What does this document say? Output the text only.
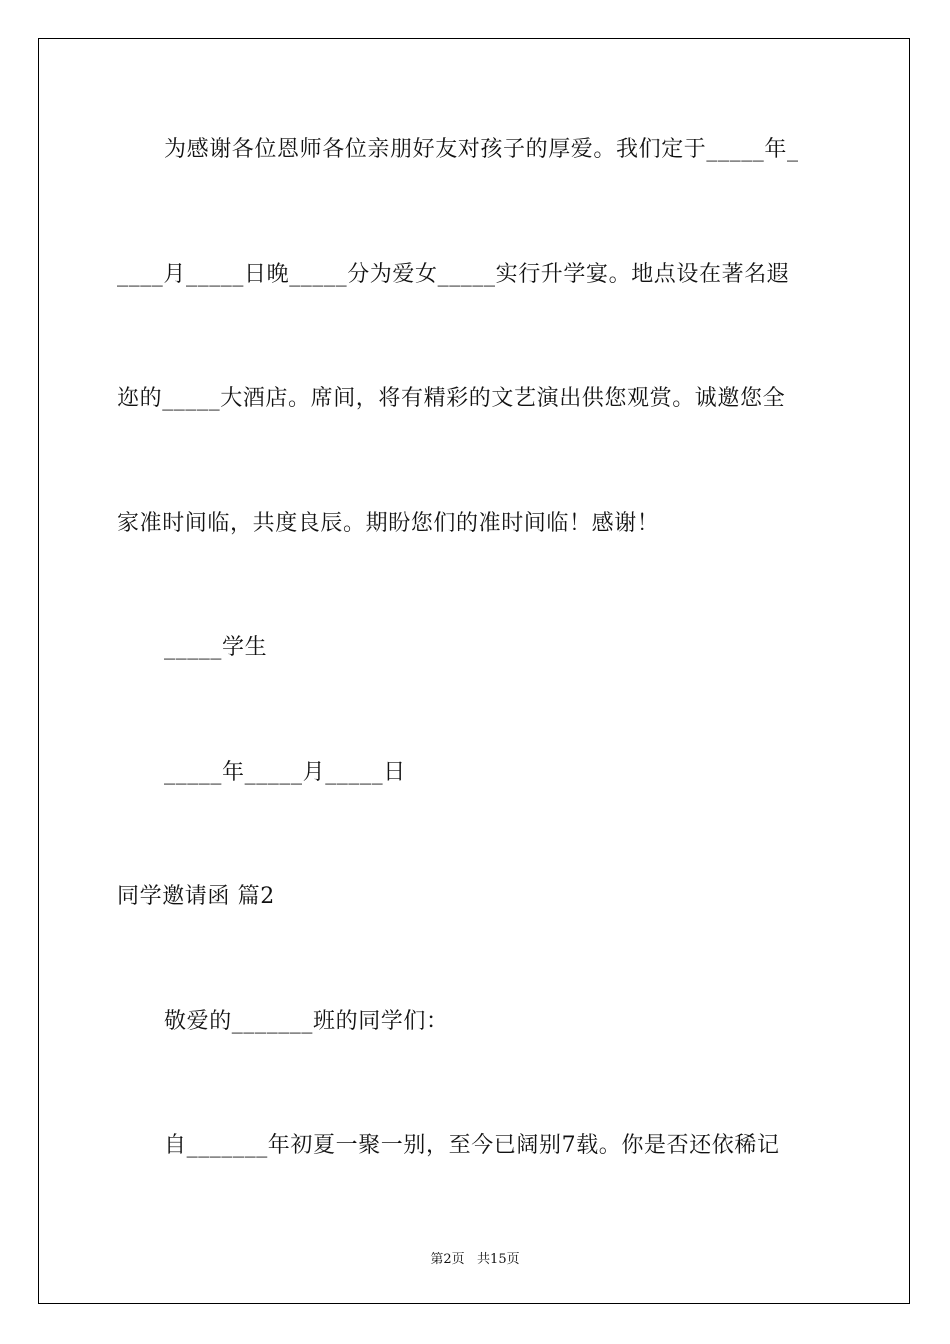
为感谢各位恩师各位亲朋好友对孩子的厚爱。我们定于_____年_
____月_____日晚_____分为爱女_____实行升学宴。地点设在著名遐
迩的_____大酒店。席间，将有精彩的文艺演出供您观赏。诚邀您全
家准时间临，共度良辰。期盼您们的准时间临！感谢！
_____学生
_____年_____月_____日
同学邀请函 篇2
敬爱的_______班的同学们：
自_______年初夏一聚一别，至今已阔别7载。你是否还依稀记
第2页   共15页
